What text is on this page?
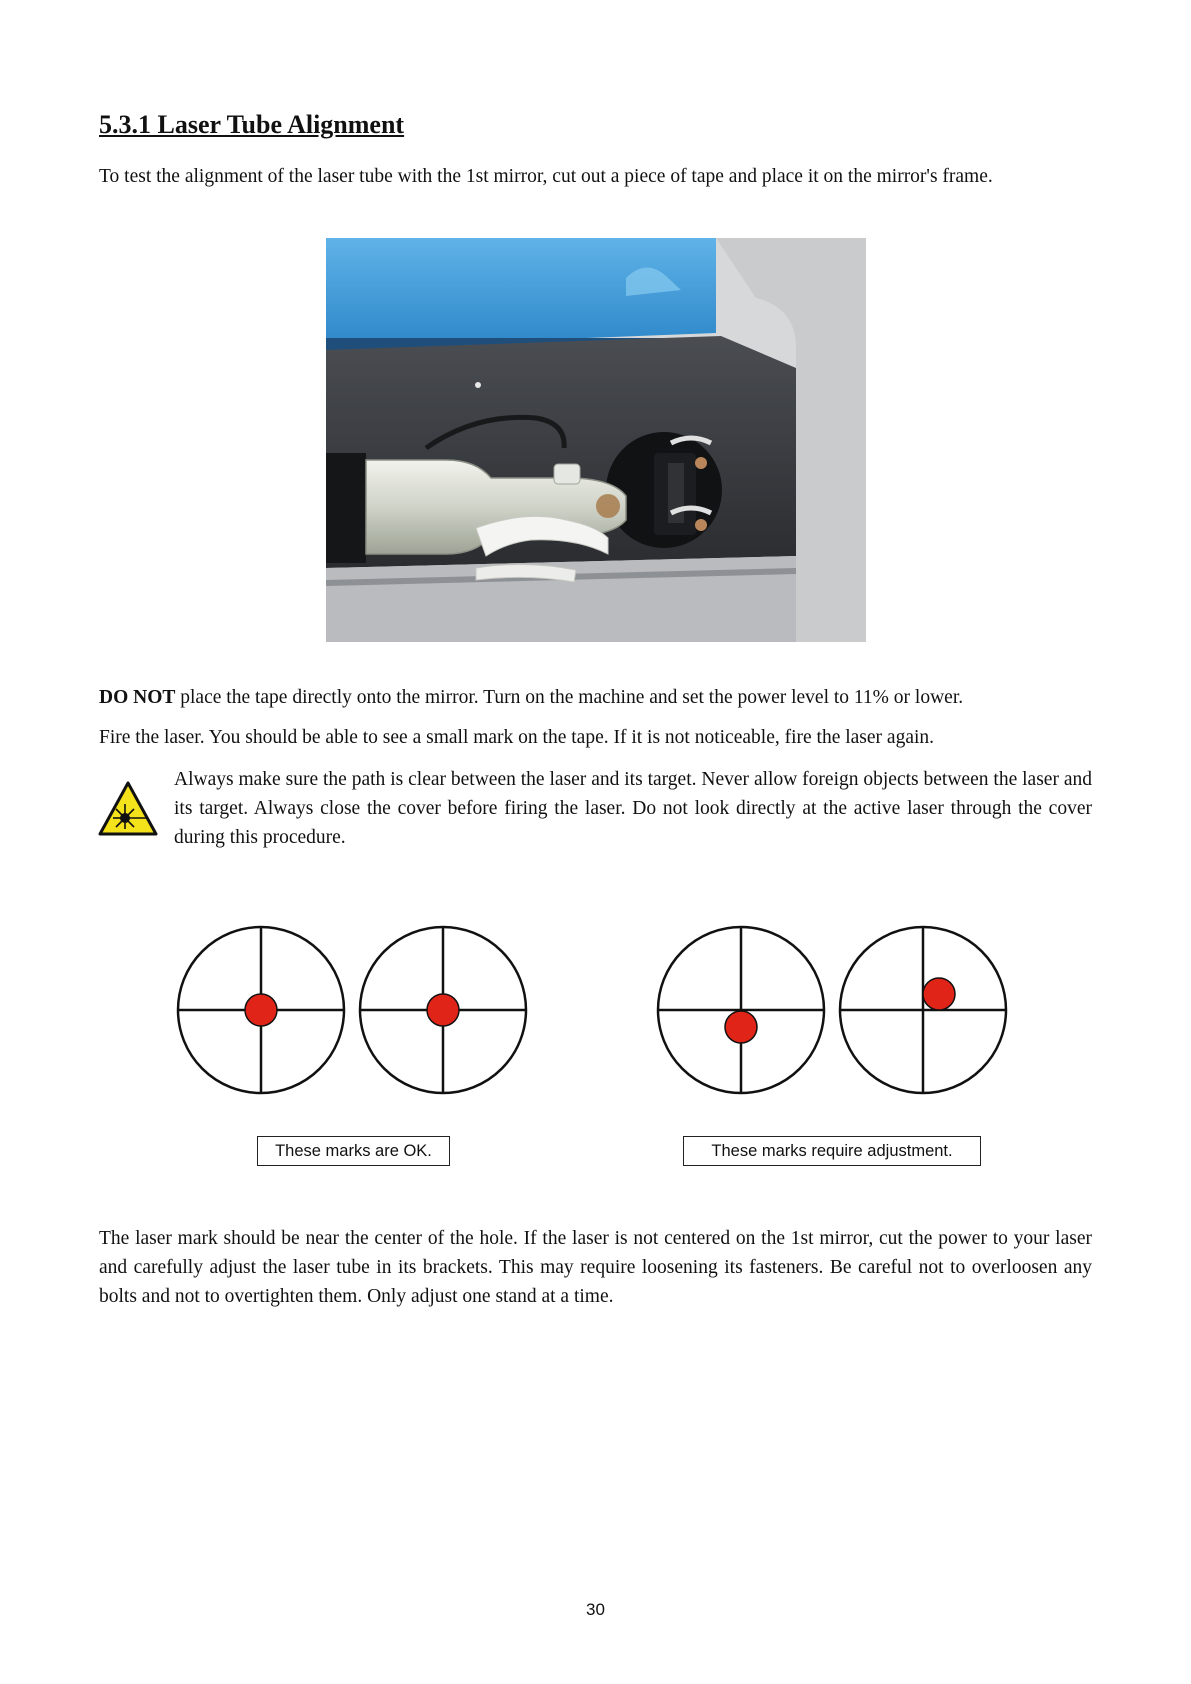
5.3.1 Laser Tube Alignment

To test the alignment of the laser tube with the 1st mirror, cut out a piece of tape and place it on the mirror's frame.

DO NOT place the tape directly onto the mirror. Turn on the machine and set the power level to 11% or lower.

Fire the laser. You should be able to see a small mark on the tape. If it is not noticeable, fire the laser again.

Always make sure the path is clear between the laser and its target. Never allow foreign objects between the laser and its target. Always close the cover before firing the laser. Do not look directly at the active laser through the cover during this procedure.

These marks are OK.	These marks require adjustment.

The laser mark should be near the center of the hole. If the laser is not centered on the 1st mirror, cut the power to your laser and carefully adjust the laser tube in its brackets. This may require loosening its fasteners. Be careful not to overloosen any bolts and not to overtighten them. Only adjust one stand at a time.

30
